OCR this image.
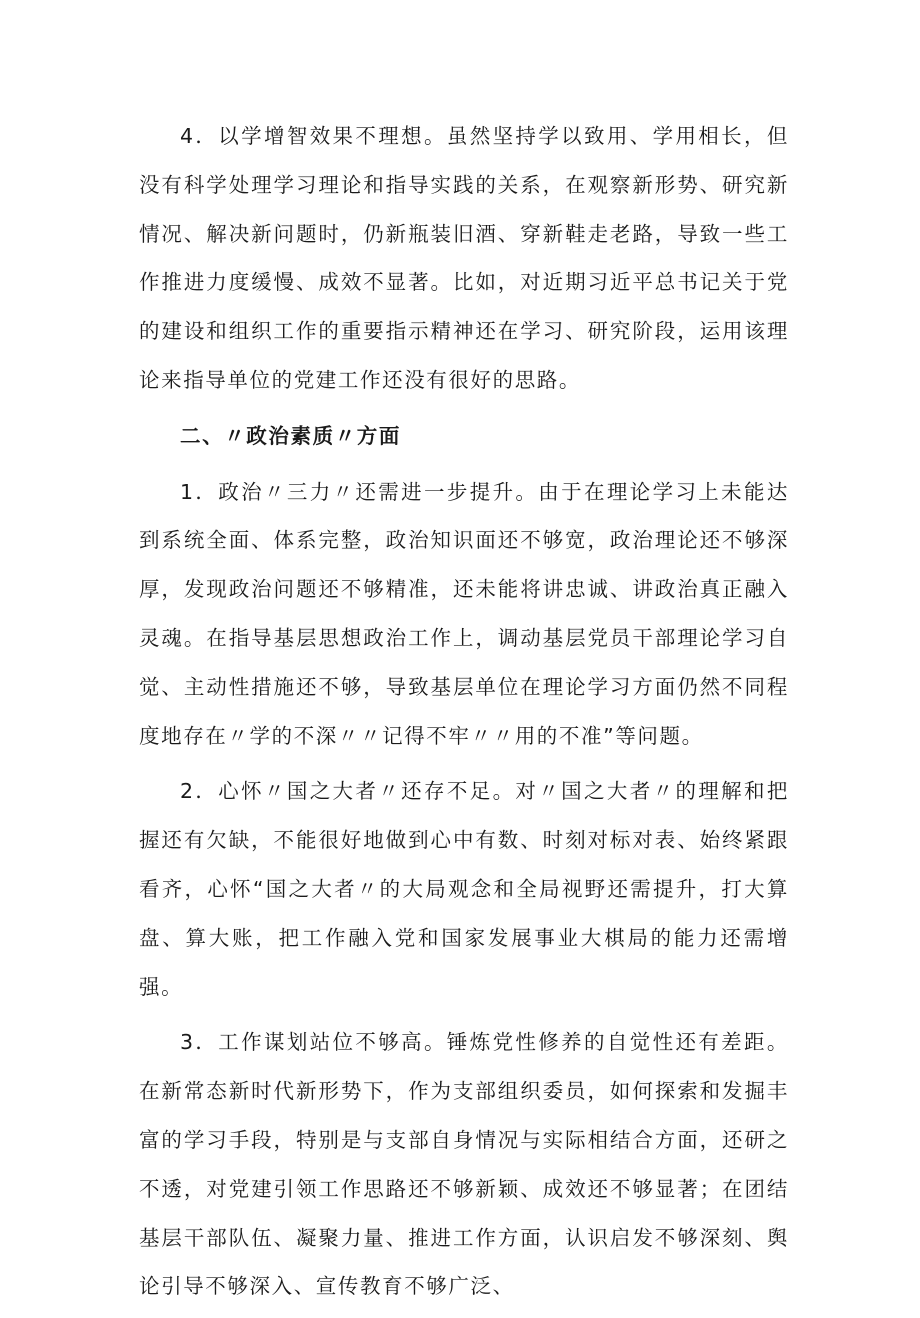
4．以学增智效果不理想。虽然坚持学以致用、学用相长，但没有科学处理学习理论和指导实践的关系，在观察新形势、研究新情况、解决新问题时，仍新瓶装旧酒、穿新鞋走老路，导致一些工作推进力度缓慢、成效不显著。比如，对近期习近平总书记关于党的建设和组织工作的重要指示精神还在学习、研究阶段，运用该理论来指导单位的党建工作还没有很好的思路。

二、〃政治素质〃方面

1．政治〃三力〃还需进一步提升。由于在理论学习上未能达到系统全面、体系完整，政治知识面还不够宽，政治理论还不够深厚，发现政治问题还不够精准，还未能将讲忠诚、讲政治真正融入灵魂。在指导基层思想政治工作上，调动基层党员干部理论学习自觉、主动性措施还不够，导致基层单位在理论学习方面仍然不同程度地存在〃学的不深〃〃记得不牢〃〃用的不准”等问题。

2．心怀〃国之大者〃还存不足。对〃国之大者〃的理解和把握还有欠缺，不能很好地做到心中有数、时刻对标对表、始终紧跟看齐，心怀“国之大者〃的大局观念和全局视野还需提升，打大算盘、算大账，把工作融入党和国家发展事业大棋局的能力还需增强。

3．工作谋划站位不够高。锤炼党性修养的自觉性还有差距。在新常态新时代新形势下，作为支部组织委员，如何探索和发掘丰富的学习手段，特别是与支部自身情况与实际相结合方面，还研之不透，对党建引领工作思路还不够新颖、成效还不够显著；在团结基层干部队伍、凝聚力量、推进工作方面，认识启发不够深刻、舆论引导不够深入、宣传教育不够广泛、
